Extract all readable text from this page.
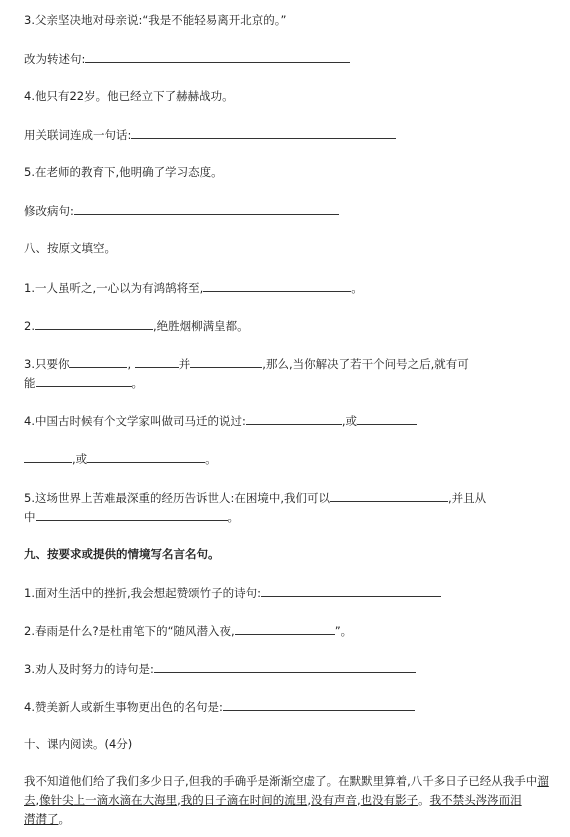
3.父亲坚决地对母亲说:“我是不能轻易离开北京的。”
改为转述句:
4.他只有22岁。他已经立下了赫赫战功。
用关联词连成一句话:
5.在老师的教育下,他明确了学习态度。
修改病句:
八、按原文填空。
1.一人虽听之,一心以为有鸿鹄将至,	。
2.	,绝胜烟柳满皇都。
3.只要你	,	并	,那么,当你解决了若干个问号之后,就有可
能	。
4.中国古时候有个文学家叫做司马迁的说过:	,或
,或	。
5.这场世界上苦难最深重的经历告诉世人:在困境中,我们可以	,并且从
中	。
九、按要求或提供的情境写名言名句。
1.面对生活中的挫折,我会想起赞颂竹子的诗句:
2.春雨是什么?是杜甫笔下的“随风潜入夜,	”。
3.劝人及时努力的诗句是:
4.赞美新人或新生事物更出色的名句是:
十、课内阅读。(4分)
我不知道他们给了我们多少日子,但我的手确乎是渐渐空虚了。在默默里算着,八千多日子已经从我手中溜去,像针尖上一滴水滴在大海里,我的日子滴在时间的流里,没有声音,也没有影子。我不禁头涔涔而泪
潸潸了。
